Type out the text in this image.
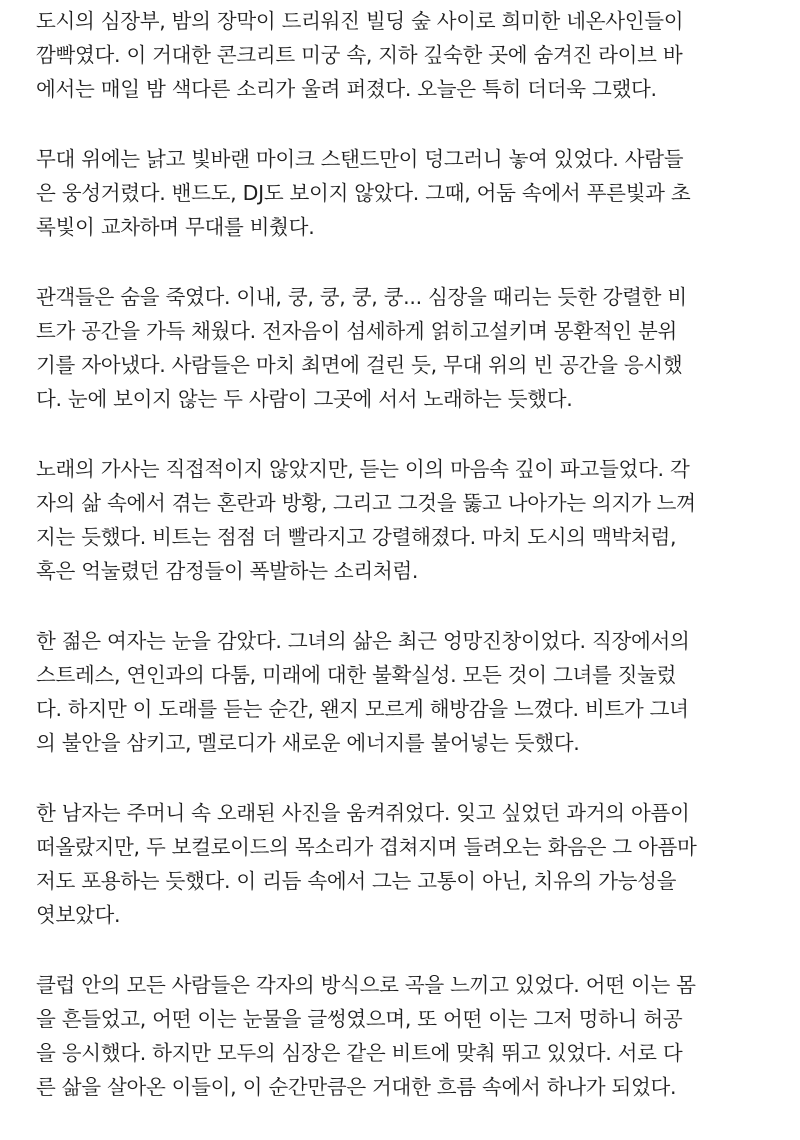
도시의 심장부, 밤의 장막이 드리워진 빌딩 숲 사이로 희미한 네온사인들이
깜빡였다. 이 거대한 콘크리트 미궁 속, 지하 깊숙한 곳에 숨겨진 라이브 바
에서는 매일 밤 색다른 소리가 울려 퍼졌다. 오늘은 특히 더더욱 그랬다.
무대 위에는 낡고 빛바랜 마이크 스탠드만이 덩그러니 놓여 있었다. 사람들
은 웅성거렸다. 밴드도, DJ도 보이지 않았다. 그때, 어둠 속에서 푸른빛과 초
록빛이 교차하며 무대를 비췄다.
관객들은 숨을 죽였다. 이내, 쿵, 쿵, 쿵, 쿵... 심장을 때리는 듯한 강렬한 비
트가 공간을 가득 채웠다. 전자음이 섬세하게 얽히고설키며 몽환적인 분위
기를 자아냈다. 사람들은 마치 최면에 걸린 듯, 무대 위의 빈 공간을 응시했
다. 눈에 보이지 않는 두 사람이 그곳에 서서 노래하는 듯했다.
노래의 가사는 직접적이지 않았지만, 듣는 이의 마음속 깊이 파고들었다. 각
자의 삶 속에서 겪는 혼란과 방황, 그리고 그것을 뚫고 나아가는 의지가 느껴
지는 듯했다. 비트는 점점 더 빨라지고 강렬해졌다. 마치 도시의 맥박처럼,
혹은 억눌렸던 감정들이 폭발하는 소리처럼.
한 젊은 여자는 눈을 감았다. 그녀의 삶은 최근 엉망진창이었다. 직장에서의
스트레스, 연인과의 다툼, 미래에 대한 불확실성. 모든 것이 그녀를 짓눌렀
다. 하지만 이 도래를 듣는 순간, 왠지 모르게 해방감을 느꼈다. 비트가 그녀
의 불안을 삼키고, 멜로디가 새로운 에너지를 불어넣는 듯했다.
한 남자는 주머니 속 오래된 사진을 움켜쥐었다. 잊고 싶었던 과거의 아픔이
떠올랐지만, 두 보컬로이드의 목소리가 겹쳐지며 들려오는 화음은 그 아픔마
저도 포용하는 듯했다. 이 리듬 속에서 그는 고통이 아닌, 치유의 가능성을
엿보았다.
클럽 안의 모든 사람들은 각자의 방식으로 곡을 느끼고 있었다. 어떤 이는 몸
을 흔들었고, 어떤 이는 눈물을 글썽였으며, 또 어떤 이는 그저 멍하니 허공
을 응시했다. 하지만 모두의 심장은 같은 비트에 맞춰 뛰고 있었다. 서로 다
른 삶을 살아온 이들이, 이 순간만큼은 거대한 흐름 속에서 하나가 되었다.
